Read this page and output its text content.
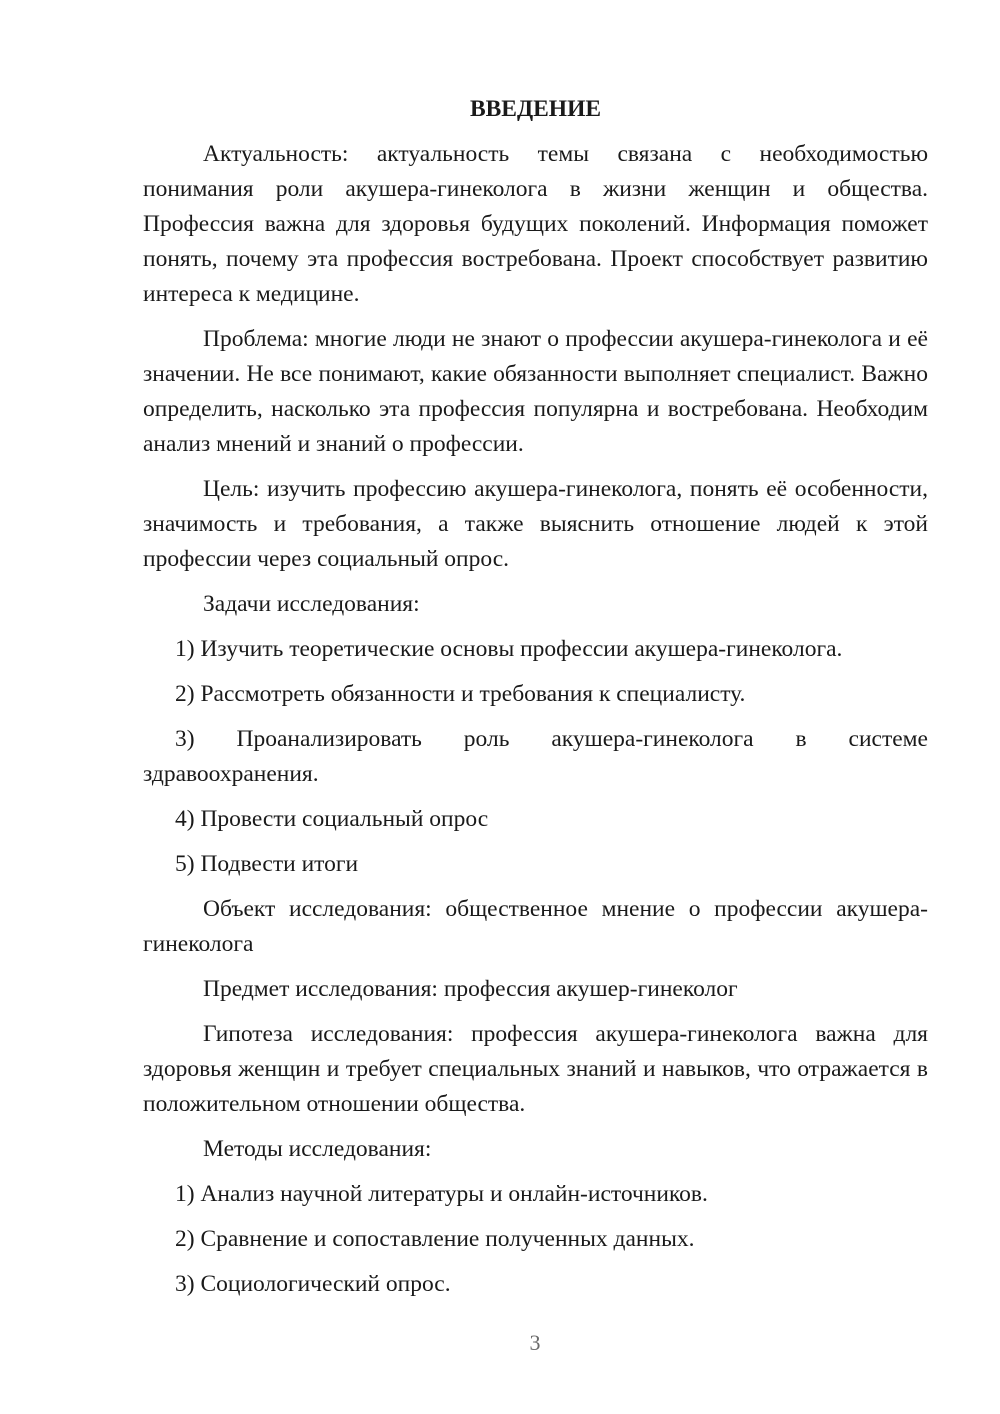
ВВЕДЕНИЕ

Актуальность: актуальность темы связана с необходимостью понимания роли акушера-гинеколога в жизни женщин и общества. Профессия важна для здоровья будущих поколений. Информация поможет понять, почему эта профессия востребована. Проект способствует развитию интереса к медицине.

Проблема: многие люди не знают о профессии акушера-гинеколога и её значении. Не все понимают, какие обязанности выполняет специалист. Важно определить, насколько эта профессия популярна и востребована. Необходим анализ мнений и знаний о профессии.

Цель: изучить профессию акушера-гинеколога, понять её особенности, значимость и требования, а также выяснить отношение людей к этой профессии через социальный опрос.

Задачи исследования:

1) Изучить теоретические основы профессии акушера-гинеколога.

2) Рассмотреть обязанности и требования к специалисту.

3) Проанализировать роль акушера-гинеколога в системе здравоохранения.

4) Провести социальный опрос

5) Подвести итоги

Объект исследования: общественное мнение о профессии акушера-гинеколога

Предмет исследования: профессия акушер-гинеколог

Гипотеза исследования: профессия акушера-гинеколога важна для здоровья женщин и требует специальных знаний и навыков, что отражается в положительном отношении общества.

Методы исследования:

1) Анализ научной литературы и онлайн-источников.

2) Сравнение и сопоставление полученных данных.

3) Социологический опрос.

3
